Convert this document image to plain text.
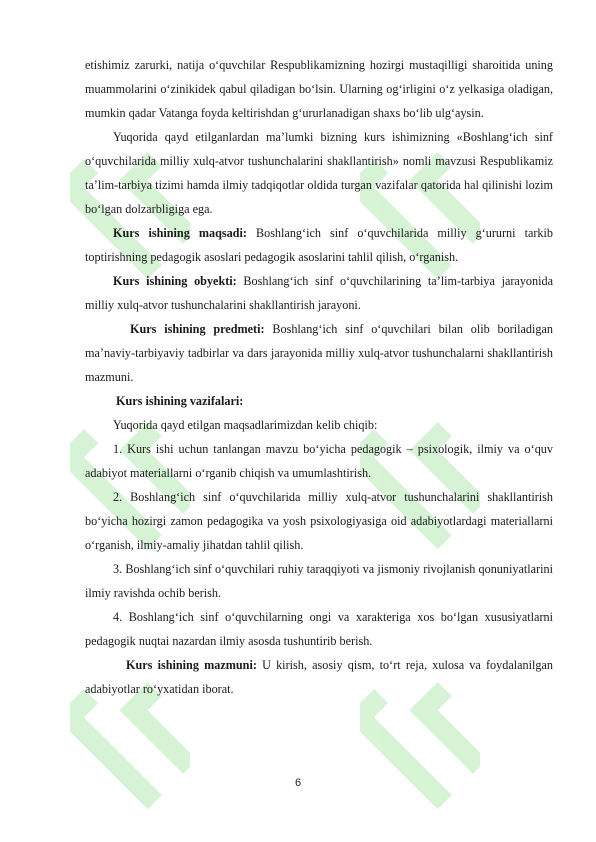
etishimiz zarurki, natija o‘quvchilar Respublikamizning hozirgi mustaqilligi sharoitida uning muammolarini o‘zinikidek qabul qiladigan bo‘lsin. Ularning og‘irligini o‘z yelkasiga oladigan, mumkin qadar Vatanga foyda keltirishdan g‘ururlanadigan shaxs bo‘lib ulg‘aysin.

Yuqorida qayd etilganlardan ma’lumki bizning kurs ishimizning «Boshlang‘ich sinf o‘quvchilarida milliy xulq-atvor tushunchalarini shakllantirish» nomli mavzusi Respublikamiz ta’lim-tarbiya tizimi hamda ilmiy tadqiqotlar oldida turgan vazifalar qatorida hal qilinishi lozim bo‘lgan dolzarbligiga ega.

Kurs ishining maqsadi: Boshlang‘ich sinf o‘quvchilarida milliy g‘ururni tarkib toptirishning pedagogik asoslari pedagogik asoslarini tahlil qilish, o‘rganish.

Kurs ishining obyekti: Boshlang‘ich sinf o‘quvchilarining ta’lim-tarbiya jarayonida milliy xulq-atvor tushunchalarini shakllantirish jarayoni.

Kurs ishining predmeti: Boshlang‘ich sinf o‘quvchilari bilan olib boriladigan ma’naviy-tarbiyaviy tadbirlar va dars jarayonida milliy xulq-atvor tushunchalarni shakllantirish mazmuni.

Kurs ishining vazifalari:

Yuqorida qayd etilgan maqsadlarimizdan kelib chiqib:

1. Kurs ishi uchun tanlangan mavzu bo‘yicha pedagogik – psixologik, ilmiy va o‘quv adabiyot materiallarni o‘rganib chiqish va umumlashtirish.

2. Boshlang‘ich sinf o‘quvchilarida milliy xulq-atvor tushunchalarini shakllantirish bo‘yicha hozirgi zamon pedagogika va yosh psixologiyasiga oid adabiyotlardagi materiallarni o‘rganish, ilmiy-amaliy jihatdan tahlil qilish.

3. Boshlang‘ich sinf o‘quvchilari ruhiy taraqqiyoti va jismoniy rivojlanish qonuniyatlarini ilmiy ravishda ochib berish.

4. Boshlang‘ich sinf o‘quvchilarning ongi va xarakteriga xos bo‘lgan xususiyatlarni pedagogik nuqtai nazardan ilmiy asosda tushuntirib berish.

Kurs ishining mazmuni: U kirish, asosiy qism, to‘rt reja, xulosa va foydalanilgan adabiyotlar ro‘yxatidan iborat.

6
